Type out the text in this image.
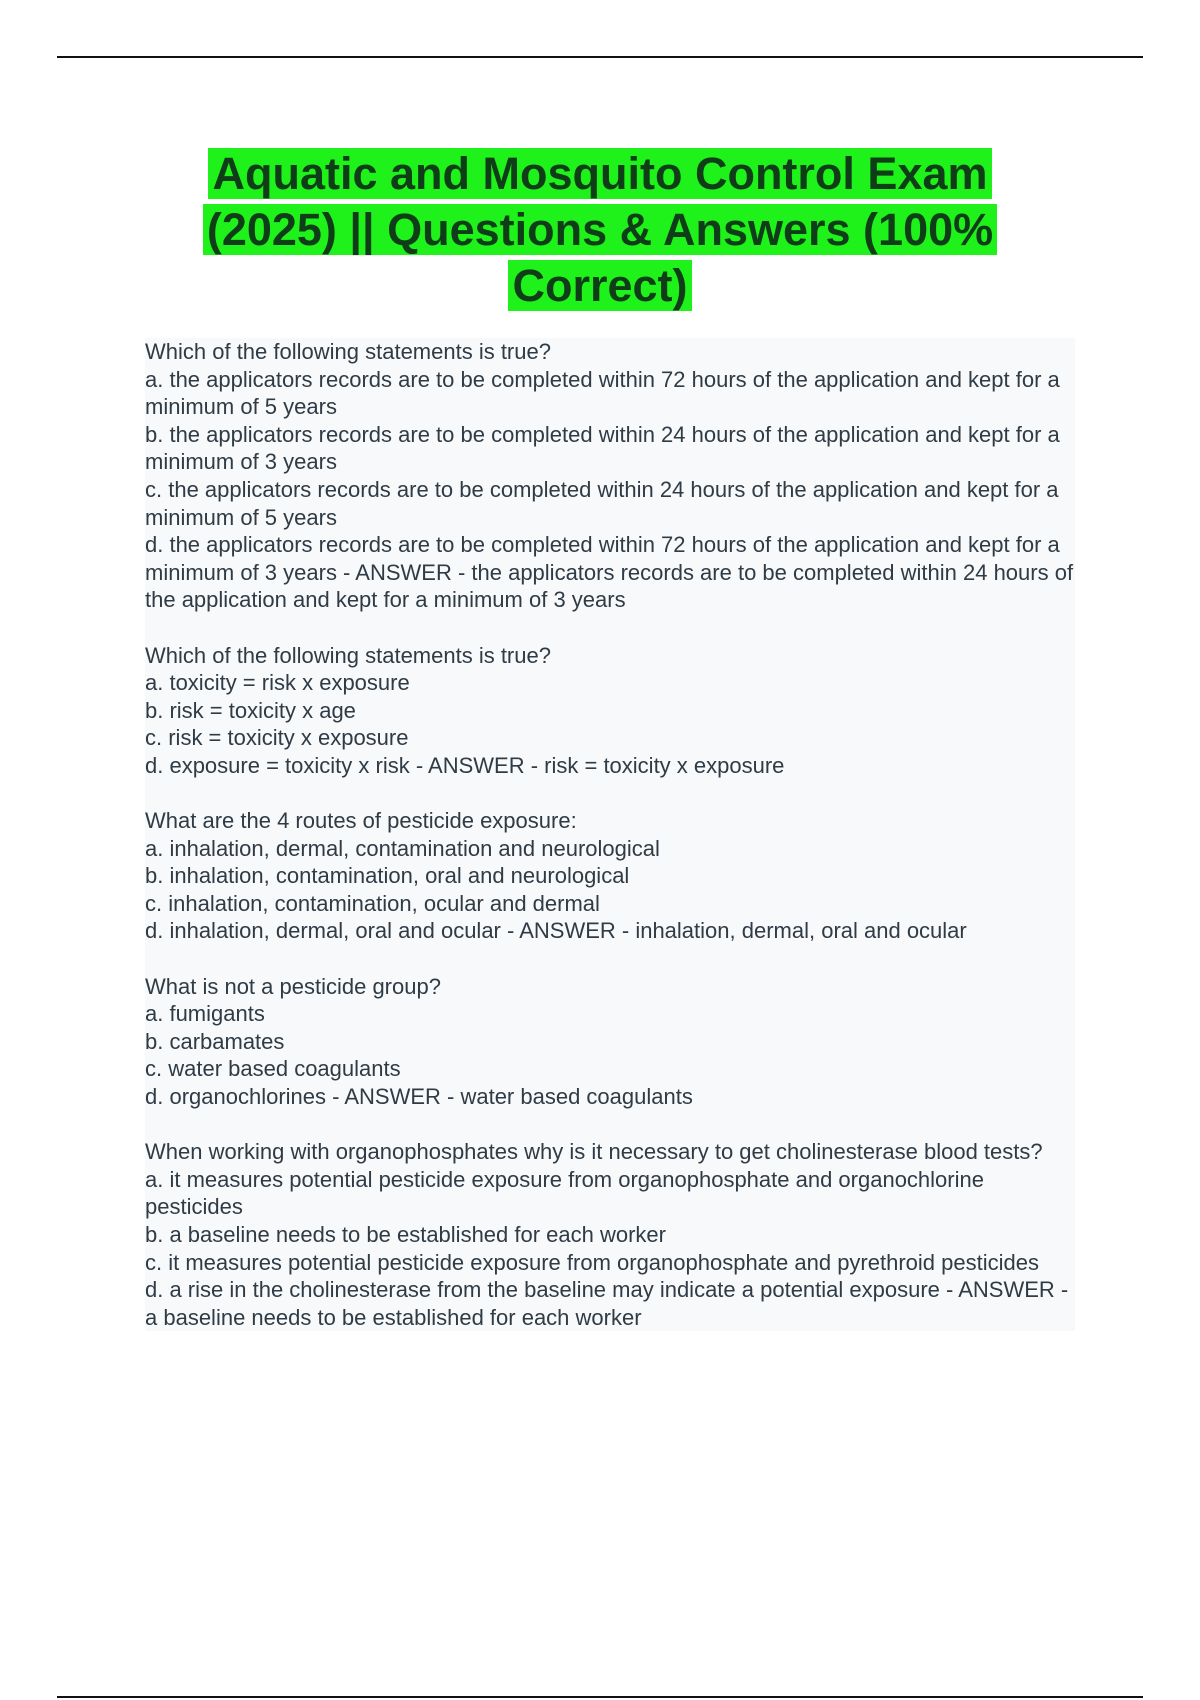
Aquatic and Mosquito Control Exam (2025) || Questions & Answers (100% Correct)
Which of the following statements is true?
a. the applicators records are to be completed within 72 hours of the application and kept for a minimum of 5 years
b. the applicators records are to be completed within 24 hours of the application and kept for a minimum of 3 years
c. the applicators records are to be completed within 24 hours of the application and kept for a minimum of 5 years
d. the applicators records are to be completed within 72 hours of the application and kept for a minimum of 3 years - ANSWER - the applicators records are to be completed within 24 hours of the application and kept for a minimum of 3 years
Which of the following statements is true?
a. toxicity = risk x exposure
b. risk = toxicity x age
c. risk = toxicity x exposure
d. exposure = toxicity x risk - ANSWER - risk = toxicity x exposure
What are the 4 routes of pesticide exposure:
a. inhalation, dermal, contamination and neurological
b. inhalation, contamination, oral and neurological
c. inhalation, contamination, ocular and dermal
d. inhalation, dermal, oral and ocular - ANSWER - inhalation, dermal, oral and ocular
What is not a pesticide group?
a. fumigants
b. carbamates
c. water based coagulants
d. organochlorines - ANSWER - water based coagulants
When working with organophosphates why is it necessary to get cholinesterase blood tests?
a. it measures potential pesticide exposure from organophosphate and organochlorine pesticides
b. a baseline needs to be established for each worker
c. it measures potential pesticide exposure from organophosphate and pyrethroid pesticides
d. a rise in the cholinesterase from the baseline may indicate a potential exposure - ANSWER - a baseline needs to be established for each worker
